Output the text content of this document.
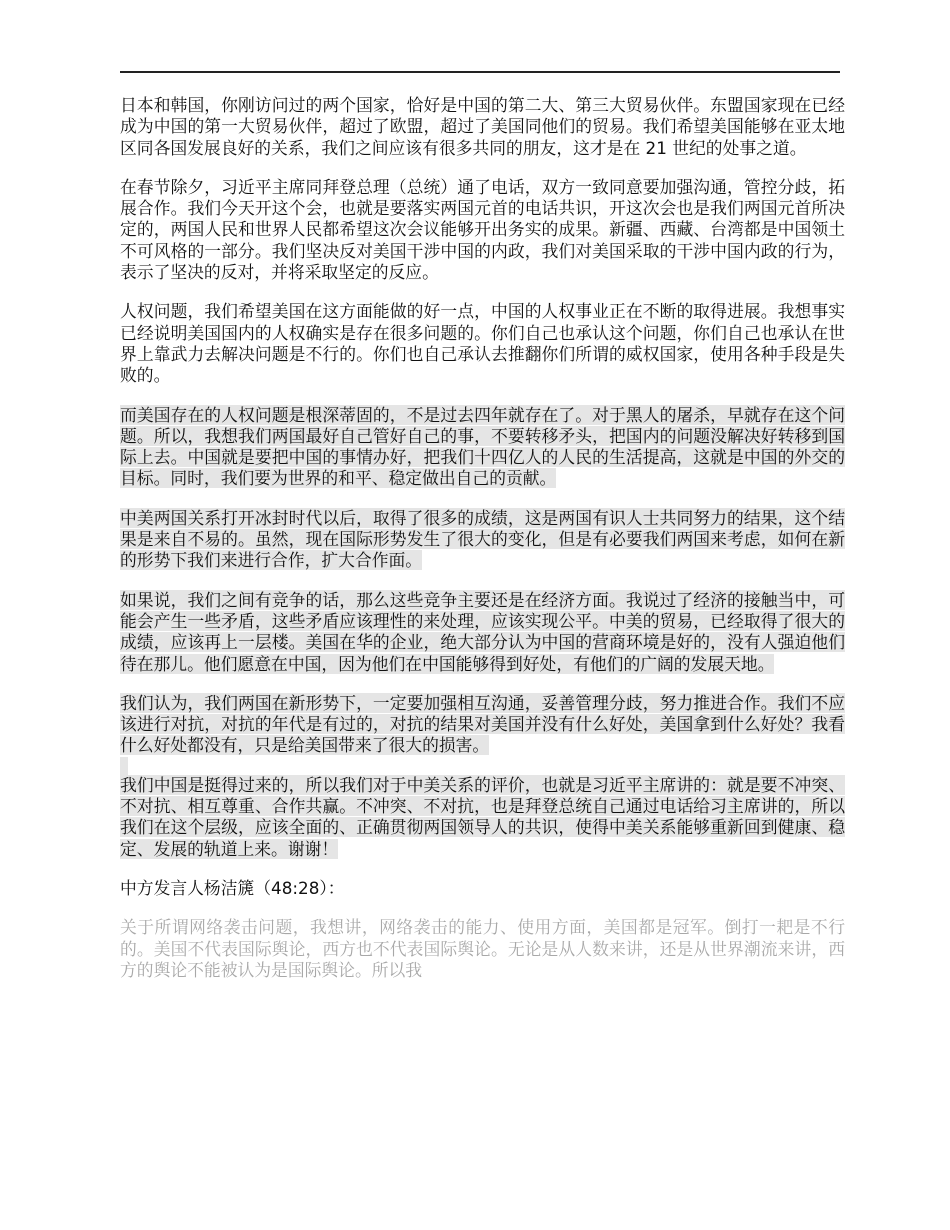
日本和韩国，你刚访问过的两个国家，恰好是中国的第二大、第三大贸易伙伴。东盟国家现在已经成为中国的第一大贸易伙伴，超过了欧盟，超过了美国同他们的贸易。我们希望美国能够在亚太地区同各国发展良好的关系，我们之间应该有很多共同的朋友，这才是在 21 世纪的处事之道。

在春节除夕，习近平主席同拜登总理（总统）通了电话，双方一致同意要加强沟通，管控分歧，拓展合作。我们今天开这个会，也就是要落实两国元首的电话共识，开这次会也是我们两国元首所决定的，两国人民和世界人民都希望这次会议能够开出务实的成果。新疆、西藏、台湾都是中国领土不可风格的一部分。我们坚决反对美国干涉中国的内政，我们对美国采取的干涉中国内政的行为，表示了坚决的反对，并将采取坚定的反应。

人权问题，我们希望美国在这方面能做的好一点，中国的人权事业正在不断的取得进展。我想事实已经说明美国国内的人权确实是存在很多问题的。你们自己也承认这个问题，你们自己也承认在世界上靠武力去解决问题是不行的。你们也自己承认去推翻你们所谓的威权国家，使用各种手段是失败的。

而美国存在的人权问题是根深蒂固的，不是过去四年就存在了。对于黑人的屠杀，早就存在这个问题。所以，我想我们两国最好自己管好自己的事，不要转移矛头，把国内的问题没解决好转移到国际上去。中国就是要把中国的事情办好，把我们十四亿人的人民的生活提高，这就是中国的外交的目标。同时，我们要为世界的和平、稳定做出自己的贡献。

中美两国关系打开冰封时代以后，取得了很多的成绩，这是两国有识人士共同努力的结果，这个结果是来自不易的。虽然，现在国际形势发生了很大的变化，但是有必要我们两国来考虑，如何在新的形势下我们来进行合作，扩大合作面。

如果说，我们之间有竞争的话，那么这些竞争主要还是在经济方面。我说过了经济的接触当中，可能会产生一些矛盾，这些矛盾应该理性的来处理，应该实现公平。中美的贸易，已经取得了很大的成绩，应该再上一层楼。美国在华的企业，绝大部分认为中国的营商环境是好的，没有人强迫他们待在那儿。他们愿意在中国，因为他们在中国能够得到好处，有他们的广阔的发展天地。

我们认为，我们两国在新形势下，一定要加强相互沟通，妥善管理分歧，努力推进合作。我们不应该进行对抗，对抗的年代是有过的，对抗的结果对美国并没有什么好处，美国拿到什么好处？我看什么好处都没有，只是给美国带来了很大的损害。

我们中国是挺得过来的，所以我们对于中美关系的评价，也就是习近平主席讲的：就是要不冲突、不对抗、相互尊重、合作共赢。不冲突、不对抗，也是拜登总统自己通过电话给习主席讲的，所以我们在这个层级，应该全面的、正确贯彻两国领导人的共识，使得中美关系能够重新回到健康、稳定、发展的轨道上来。谢谢！

中方发言人杨洁篪（48:28）：

关于所谓网络袭击问题，我想讲，网络袭击的能力、使用方面，美国都是冠军。倒打一耙是不行的。美国不代表国际舆论，西方也不代表国际舆论。无论是从人数来讲，还是从世界潮流来讲，西方的舆论不能被认为是国际舆论。所以我
